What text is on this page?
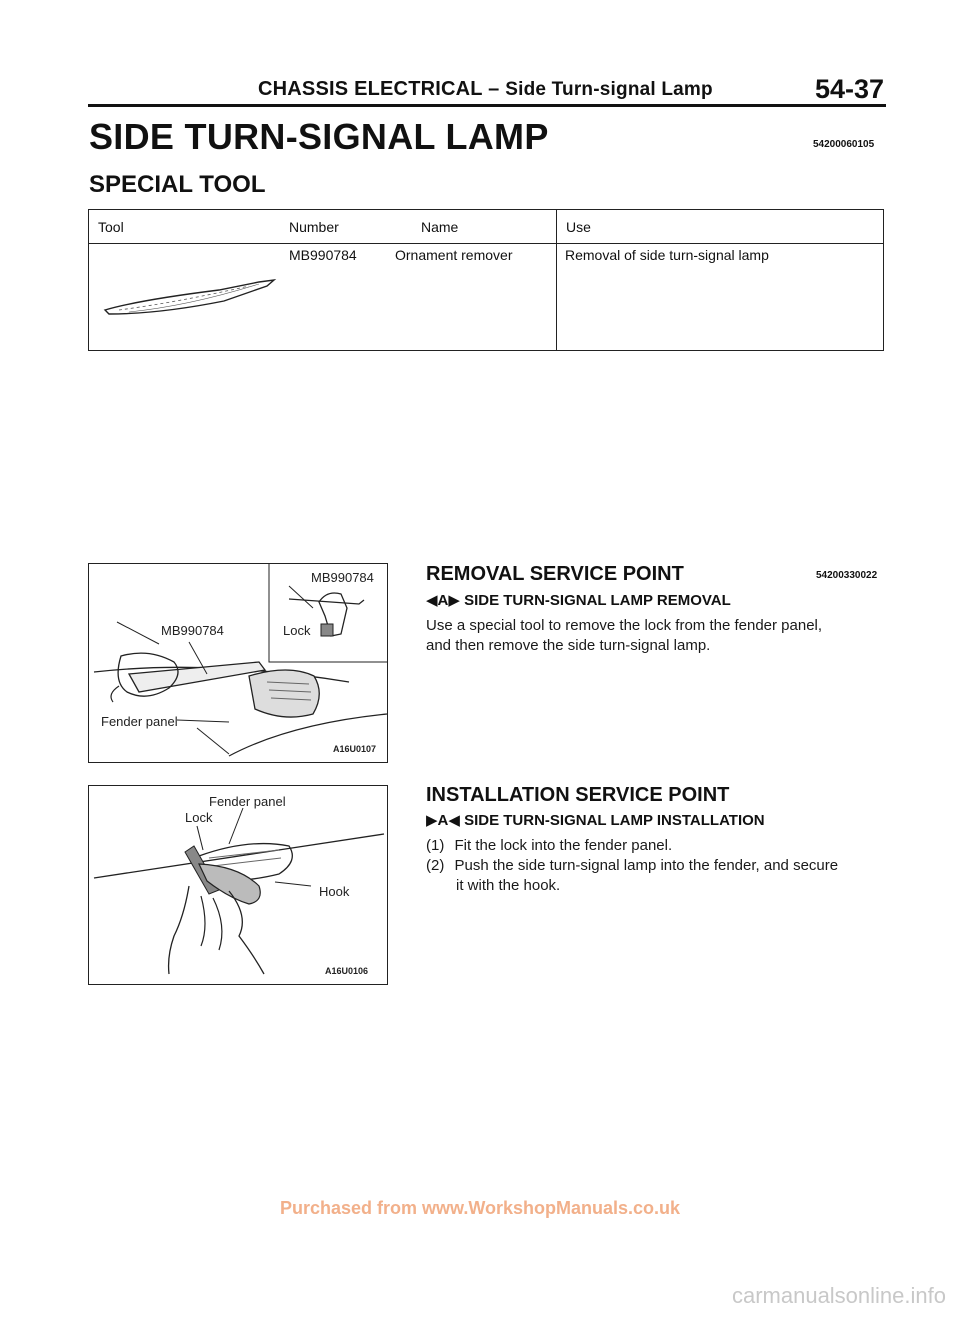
CHASSIS ELECTRICAL – Side Turn-signal Lamp	54-37
SIDE TURN-SIGNAL LAMP	54200060105
SPECIAL TOOL
Tool	Number	Name	Use
MB990784	Ornament remover	Removal of side turn-signal lamp
MB990784
MB990784	Lock
Fender panel
A16U0107
REMOVAL SERVICE POINT	54200330022
◀A▶ SIDE TURN-SIGNAL LAMP REMOVAL
Use a special tool to remove the lock from the fender panel,
and then remove the side turn-signal lamp.
Fender panel
Lock
Hook
A16U0106
INSTALLATION SERVICE POINT
▶A◀ SIDE TURN-SIGNAL LAMP INSTALLATION
(1) Fit the lock into the fender panel.
(2) Push the side turn-signal lamp into the fender, and secure
it with the hook.
Purchased from www.WorkshopManuals.co.uk
carmanualsonline.info
